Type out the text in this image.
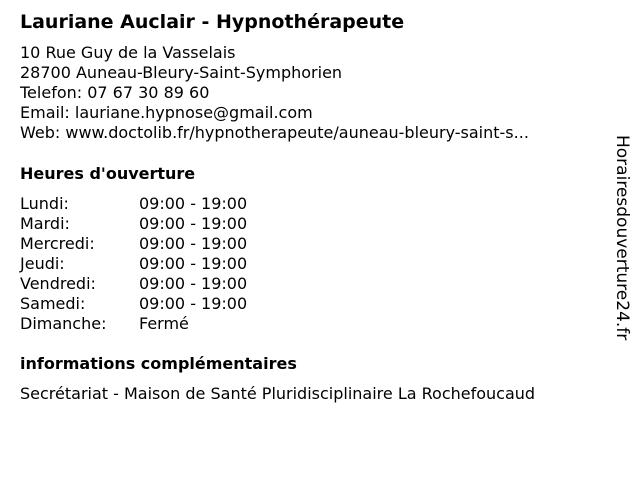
Lauriane Auclair - Hypnothérapeute
10 Rue Guy de la Vasselais
28700 Auneau-Bleury-Saint-Symphorien
Telefon: 07 67 30 89 60
Email: lauriane.hypnose@gmail.com
Web: www.doctolib.fr/hypnotherapeute/auneau-bleury-saint-s...
Heures d'ouverture
Lundi:	09:00 - 19:00
Mardi:	09:00 - 19:00
Mercredi:	09:00 - 19:00
Jeudi:	09:00 - 19:00
Vendredi:	09:00 - 19:00
Samedi:	09:00 - 19:00
Dimanche: Fermé
informations complémentaires
Secrétariat - Maison de Santé Pluridisciplinaire La Rochefoucaud
Horairesdouverture24.fr
